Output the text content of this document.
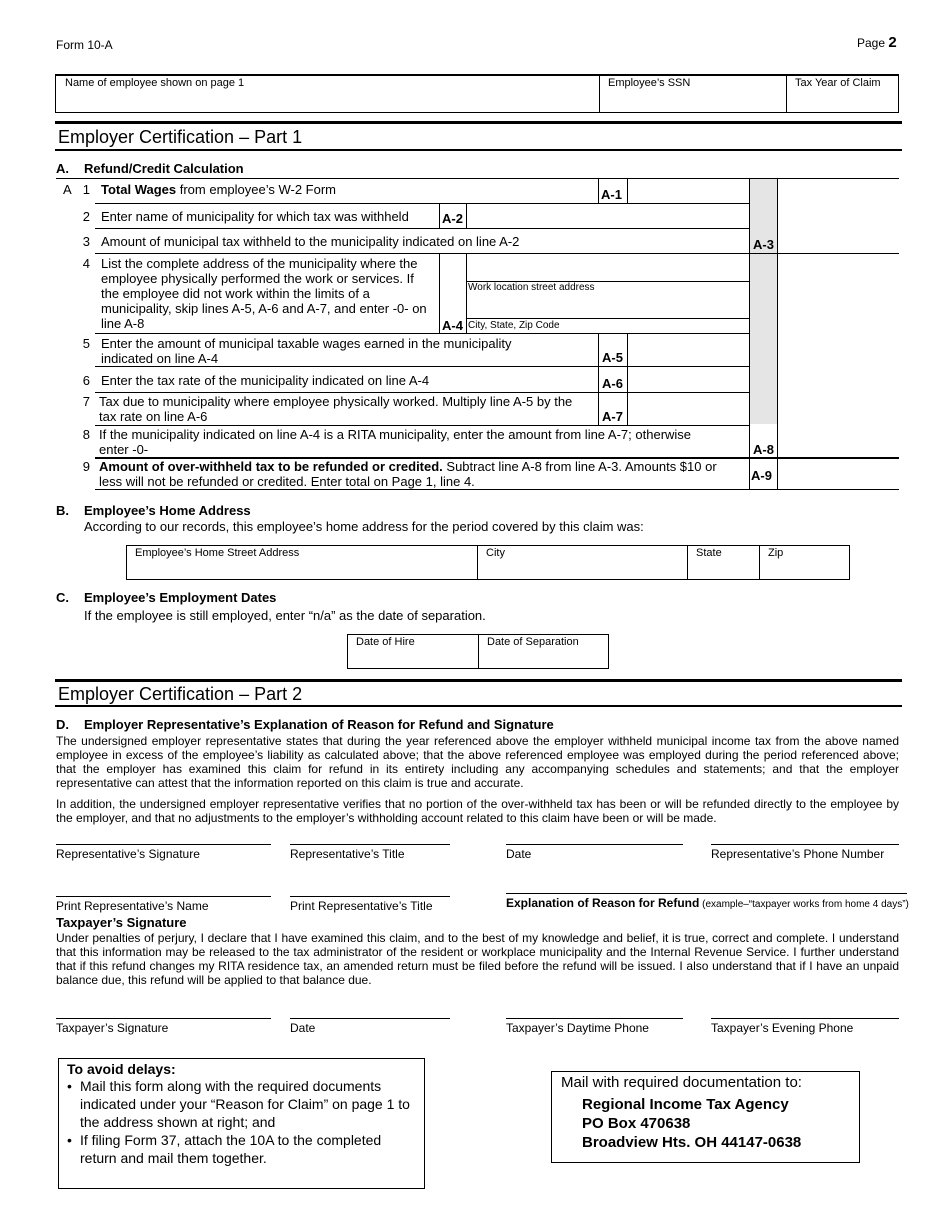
Form 10-A	Page 2
Name of employee shown on page 1	Employee’s SSN	Tax Year of Claim
Employer Certification – Part 1
A. Refund/Credit Calculation
A 1 Total Wages from employee’s W-2 Form	A-1
2 Enter name of municipality for which tax was withheld	A-2
3 Amount of municipal tax withheld to the municipality indicated on line A-2	A-3
4 List the complete address of the municipality where the employee physically performed the work or services. If the employee did not work within the limits of a municipality, skip lines A-5, A-6 and A-7, and enter -0- on line A-8	A-4
Work location street address
City, State, Zip Code
5 Enter the amount of municipal taxable wages earned in the municipality indicated on line A-4	A-5
6 Enter the tax rate of the municipality indicated on line A-4	A-6
7 Tax due to municipality where employee physically worked. Multiply line A-5 by the tax rate on line A-6	A-7
8 If the municipality indicated on line A-4 is a RITA municipality, enter the amount from line A-7; otherwise enter -0-	A-8
9 Amount of over-withheld tax to be refunded or credited. Subtract line A-8 from line A-3. Amounts $10 or less will not be refunded or credited. Enter total on Page 1, line 4.	A-9
B. Employee’s Home Address
According to our records, this employee’s home address for the period covered by this claim was:
Employee’s Home Street Address	City	State	Zip
C. Employee’s Employment Dates
If the employee is still employed, enter “n/a” as the date of separation.
Date of Hire	Date of Separation
Employer Certification – Part 2
D. Employer Representative’s Explanation of Reason for Refund and Signature
The undersigned employer representative states that during the year referenced above the employer withheld municipal income tax from the above named employee in excess of the employee’s liability as calculated above; that the above referenced employee was employed during the period referenced above; that the employer has examined this claim for refund in its entirety including any accompanying schedules and statements; and that the employer representative can attest that the information reported on this claim is true and accurate.
In addition, the undersigned employer representative verifies that no portion of the over-withheld tax has been or will be refunded directly to the employee by the employer, and that no adjustments to the employer’s withholding account related to this claim have been or will be made.
Representative’s Signature	Representative’s Title	Date	Representative’s Phone Number
Print Representative’s Name	Print Representative’s Title	Explanation of Reason for Refund (example–“taxpayer works from home 4 days”)
Taxpayer’s Signature
Under penalties of perjury, I declare that I have examined this claim, and to the best of my knowledge and belief, it is true, correct and complete. I understand that this information may be released to the tax administrator of the resident or workplace municipality and the Internal Revenue Service. I further understand that if this refund changes my RITA residence tax, an amended return must be filed before the refund will be issued. I also understand that if I have an unpaid balance due, this refund will be applied to that balance due.
Taxpayer’s Signature	Date	Taxpayer’s Daytime Phone	Taxpayer’s Evening Phone
To avoid delays:
• Mail this form along with the required documents indicated under your “Reason for Claim” on page 1 to the address shown at right; and
• If filing Form 37, attach the 10A to the completed return and mail them together.
Mail with required documentation to:
Regional Income Tax Agency
PO Box 470638
Broadview Hts. OH 44147-0638
